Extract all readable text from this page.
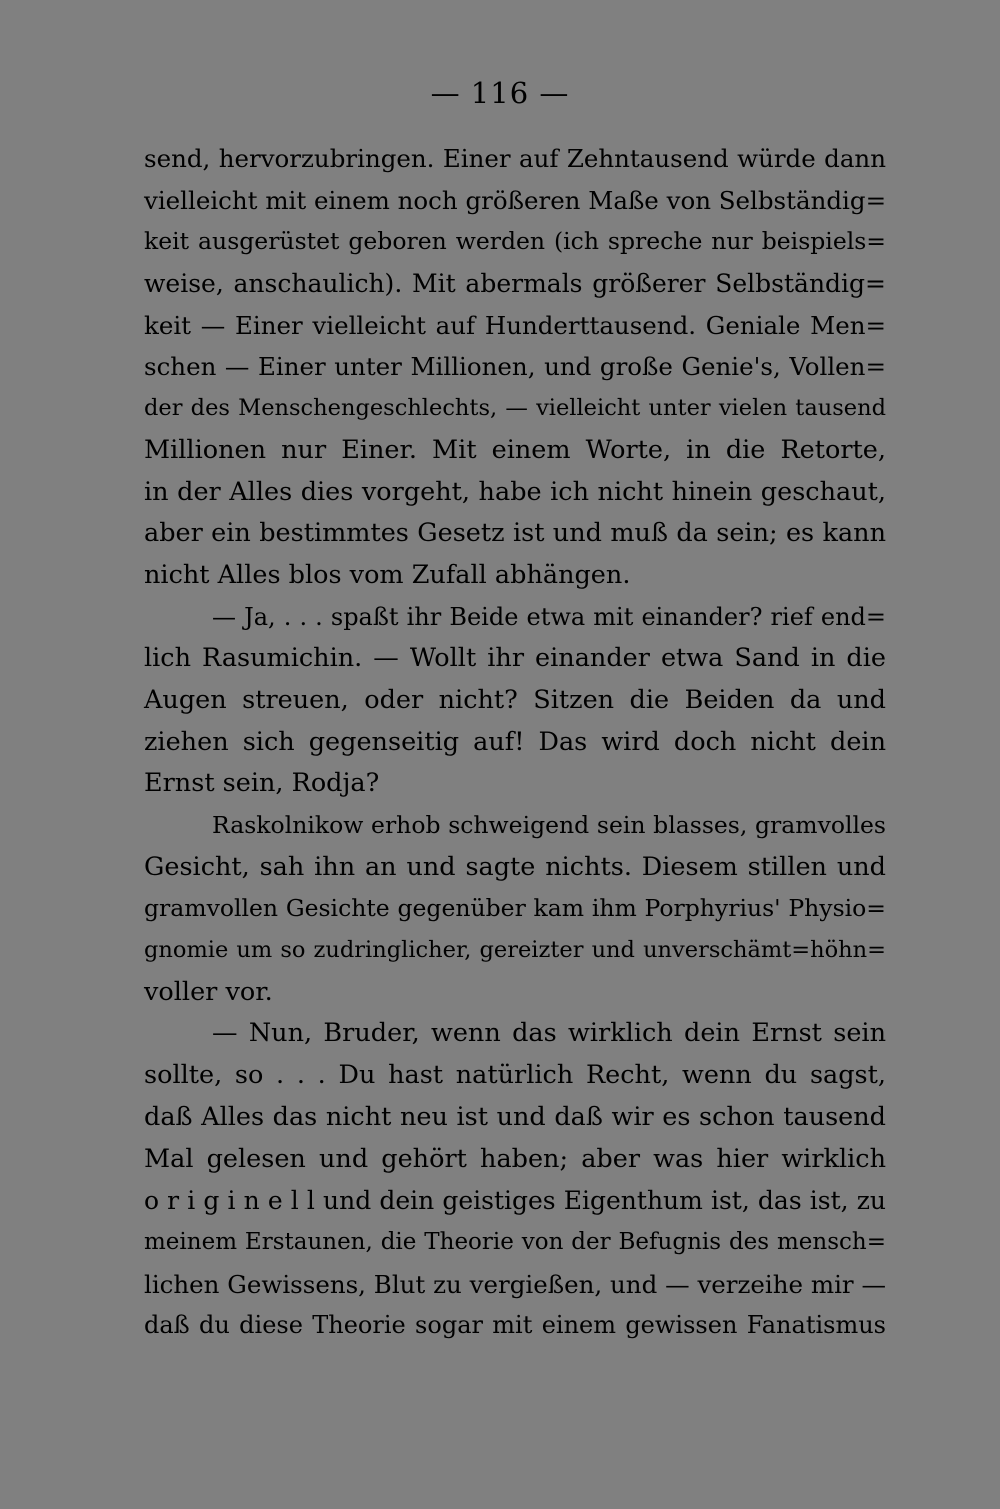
— 116 —
send, hervorzubringen. Einer auf Zehntausend würde dann
vielleicht mit einem noch größeren Maße von Selbständig=
keit ausgerüstet geboren werden (ich spreche nur beispiels=
weise, anschaulich). Mit abermals größerer Selbständig=
keit — Einer vielleicht auf Hunderttausend. Geniale Men=
schen — Einer unter Millionen, und große Genie's, Vollen=
der des Menschengeschlechts, — vielleicht unter vielen tausend
Millionen nur Einer. Mit einem Worte, in die Retorte,
in der Alles dies vorgeht, habe ich nicht hinein geschaut,
aber ein bestimmtes Gesetz ist und muß da sein; es kann
nicht Alles blos vom Zufall abhängen.
— Ja, . . . spaßt ihr Beide etwa mit einander? rief end=
lich Rasumichin. — Wollt ihr einander etwa Sand in die
Augen streuen, oder nicht? Sitzen die Beiden da und
ziehen sich gegenseitig auf! Das wird doch nicht dein
Ernst sein, Rodja?
Raskolnikow erhob schweigend sein blasses, gramvolles
Gesicht, sah ihn an und sagte nichts. Diesem stillen und
gramvollen Gesichte gegenüber kam ihm Porphyrius' Physio=
gnomie um so zudringlicher, gereizter und unverschämt=höhn=
voller vor.
— Nun, Bruder, wenn das wirklich dein Ernst sein
sollte, so . . . Du hast natürlich Recht, wenn du sagst,
daß Alles das nicht neu ist und daß wir es schon tausend
Mal gelesen und gehört haben; aber was hier wirklich
o r i g i n e l l und dein geistiges Eigenthum ist, das ist, zu
meinem Erstaunen, die Theorie von der Befugnis des mensch=
lichen Gewissens, Blut zu vergießen, und — verzeihe mir —
daß du diese Theorie sogar mit einem gewissen Fanatismus
